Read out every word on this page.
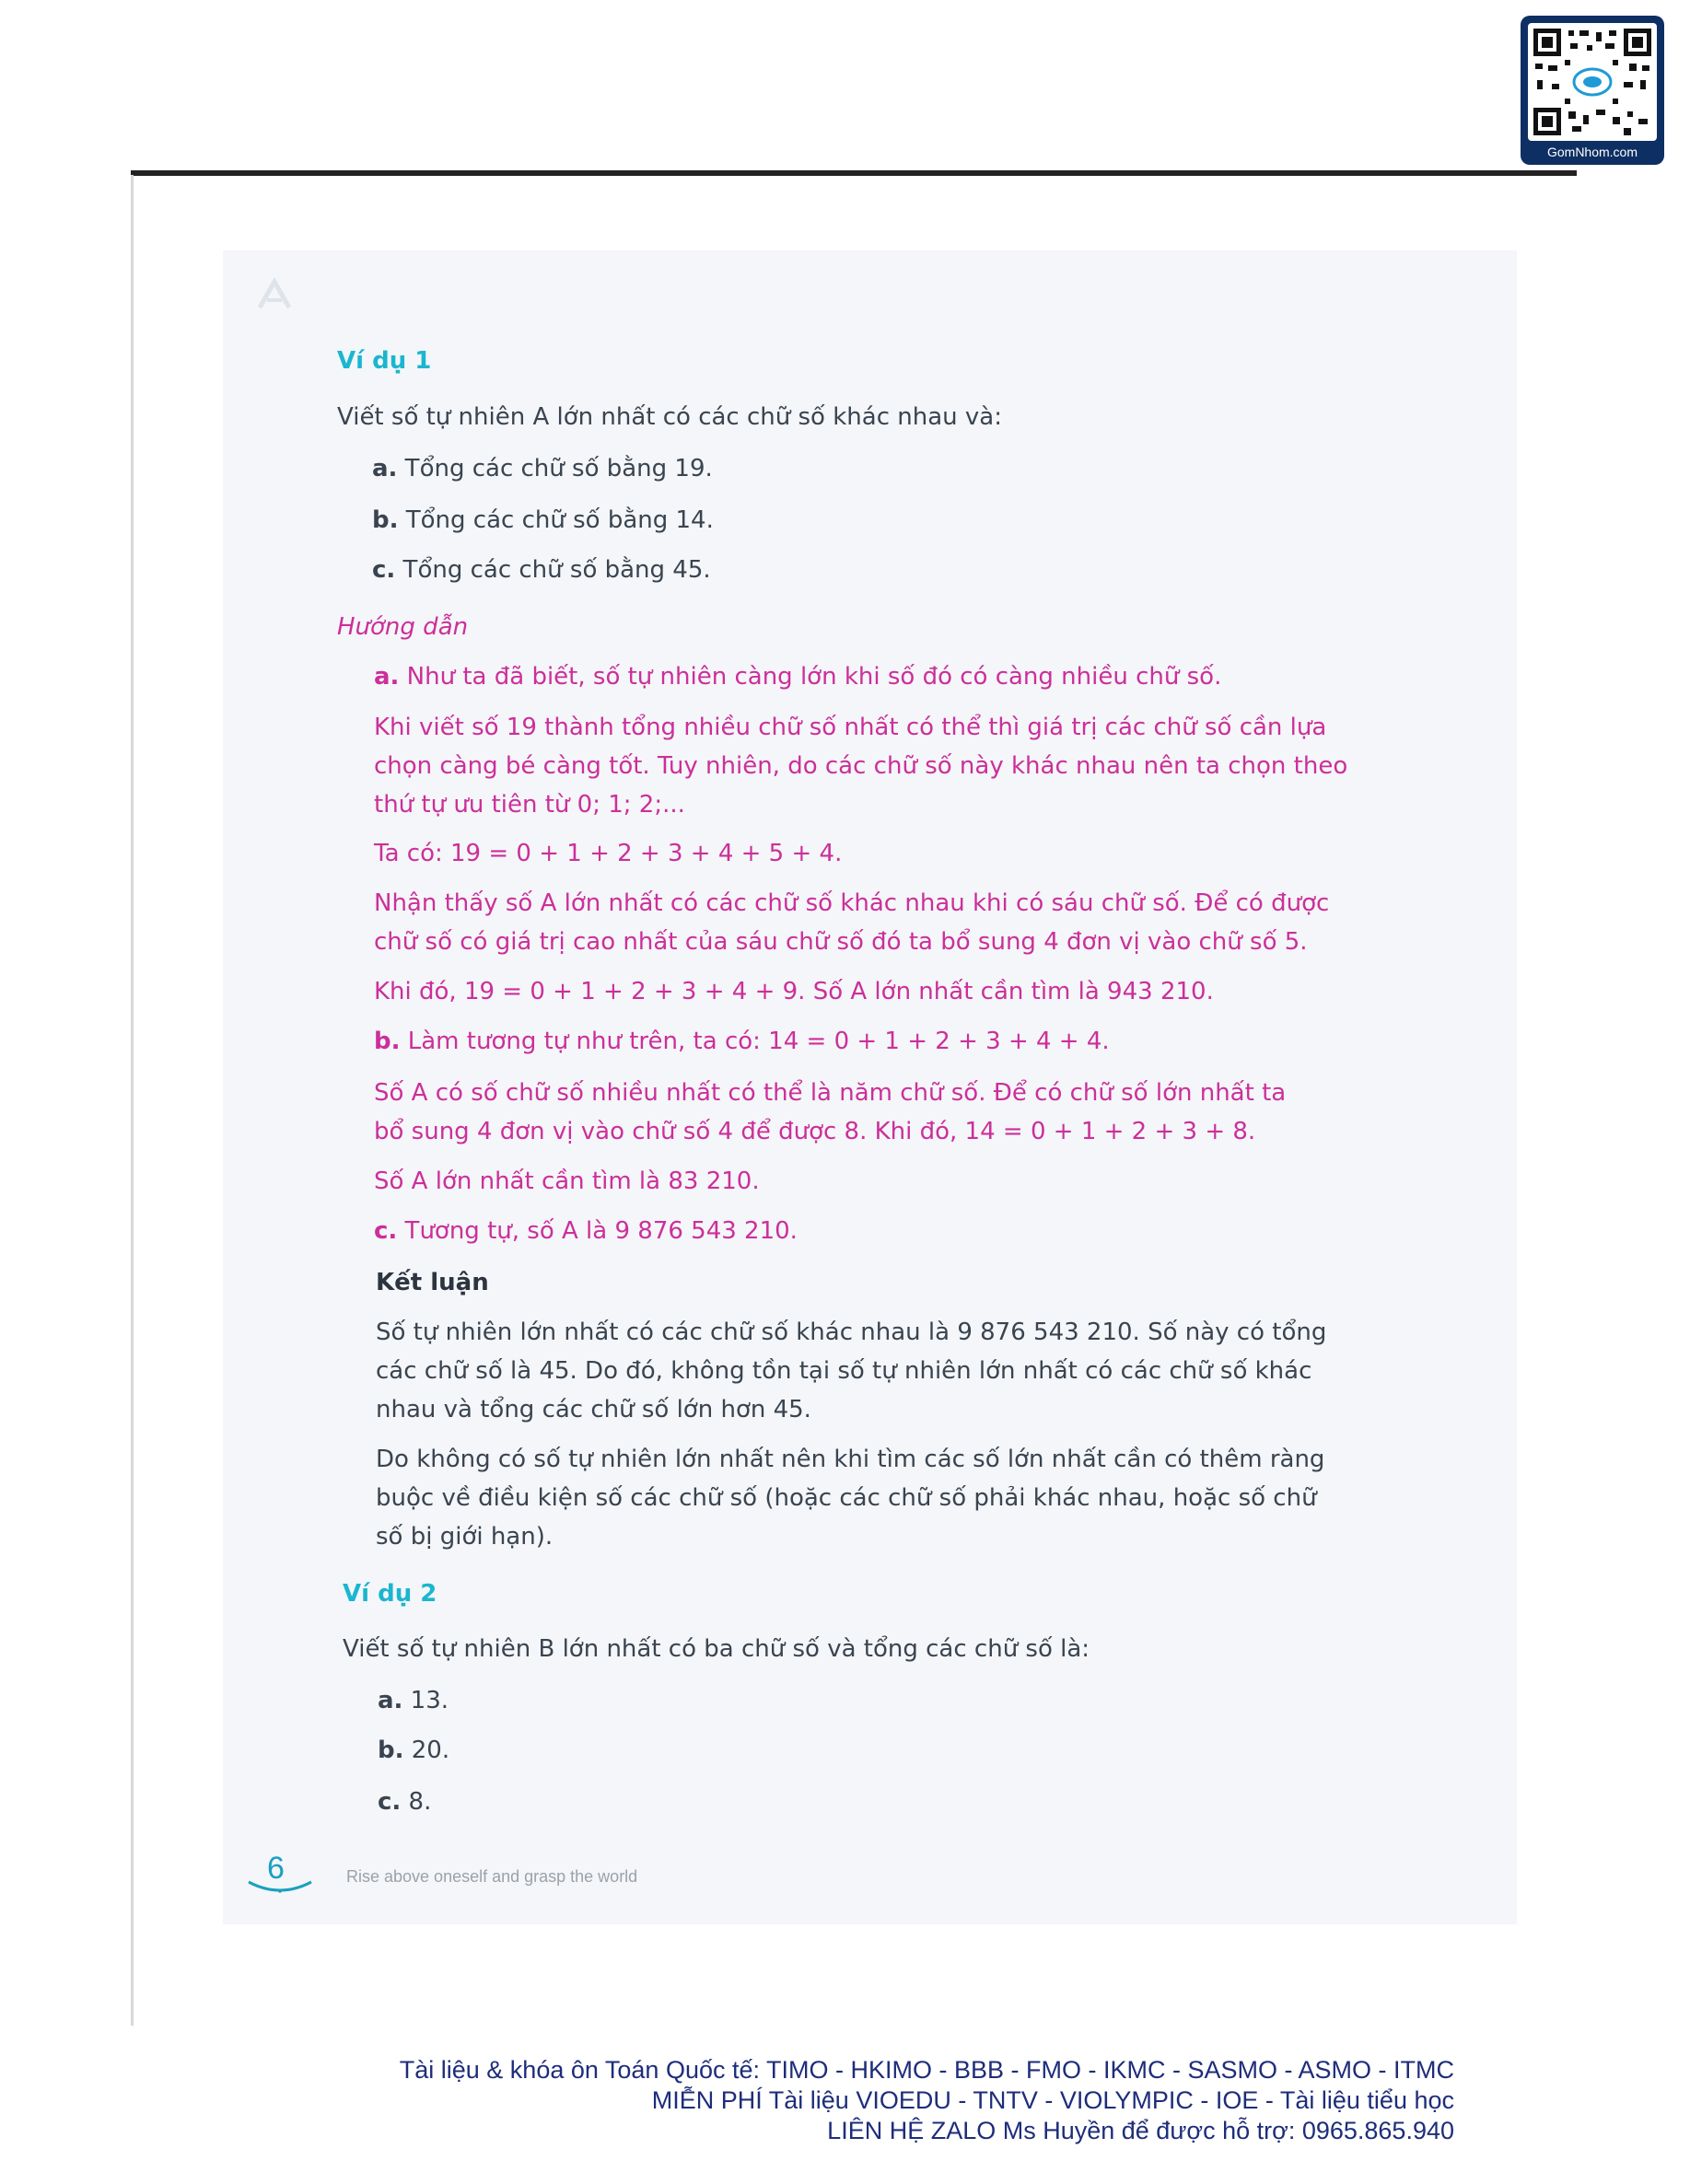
GomNhom.com

Ví dụ 1

Viết số tự nhiên A lớn nhất có các chữ số khác nhau và:

a. Tổng các chữ số bằng 19.

b. Tổng các chữ số bằng 14.

c. Tổng các chữ số bằng 45.

Hướng dẫn

a. Như ta đã biết, số tự nhiên càng lớn khi số đó có càng nhiều chữ số.

Khi viết số 19 thành tổng nhiều chữ số nhất có thể thì giá trị các chữ số cần lựa

chọn càng bé càng tốt. Tuy nhiên, do các chữ số này khác nhau nên ta chọn theo

thứ tự ưu tiên từ 0; 1; 2;...

Ta có: 19 = 0 + 1 + 2 + 3 + 4 + 5 + 4.

Nhận thấy số A lớn nhất có các chữ số khác nhau khi có sáu chữ số. Để có được

chữ số có giá trị cao nhất của sáu chữ số đó ta bổ sung 4 đơn vị vào chữ số 5.

Khi đó, 19 = 0 + 1 + 2 + 3 + 4 + 9. Số A lớn nhất cần tìm là 943 210.

b. Làm tương tự như trên, ta có: 14 = 0 + 1 + 2 + 3 + 4 + 4.

Số A có số chữ số nhiều nhất có thể là năm chữ số. Để có chữ số lớn nhất ta

bổ sung 4 đơn vị vào chữ số 4 để được 8. Khi đó, 14 = 0 + 1 + 2 + 3 + 8.

Số A lớn nhất cần tìm là 83 210.

c. Tương tự, số A là 9 876 543 210.

Kết luận

Số tự nhiên lớn nhất có các chữ số khác nhau là 9 876 543 210. Số này có tổng

các chữ số là 45. Do đó, không tồn tại số tự nhiên lớn nhất có các chữ số khác

nhau và tổng các chữ số lớn hơn 45.

Do không có số tự nhiên lớn nhất nên khi tìm các số lớn nhất cần có thêm ràng

buộc về điều kiện số các chữ số (hoặc các chữ số phải khác nhau, hoặc số chữ

số bị giới hạn).

Ví dụ 2

Viết số tự nhiên B lớn nhất có ba chữ số và tổng các chữ số là:

a. 13.

b. 20.

c. 8.

6	Rise above oneself and grasp the world
Tài liệu & khóa ôn Toán Quốc tế: TIMO - HKIMO - BBB - FMO - IKMC - SASMO - ASMO - ITMC
MIỄN PHÍ Tài liệu VIOEDU - TNTV - VIOLYMPIC - IOE - Tài liệu tiểu học
LIÊN HỆ ZALO Ms Huyền để được hỗ trợ: 0965.865.940
